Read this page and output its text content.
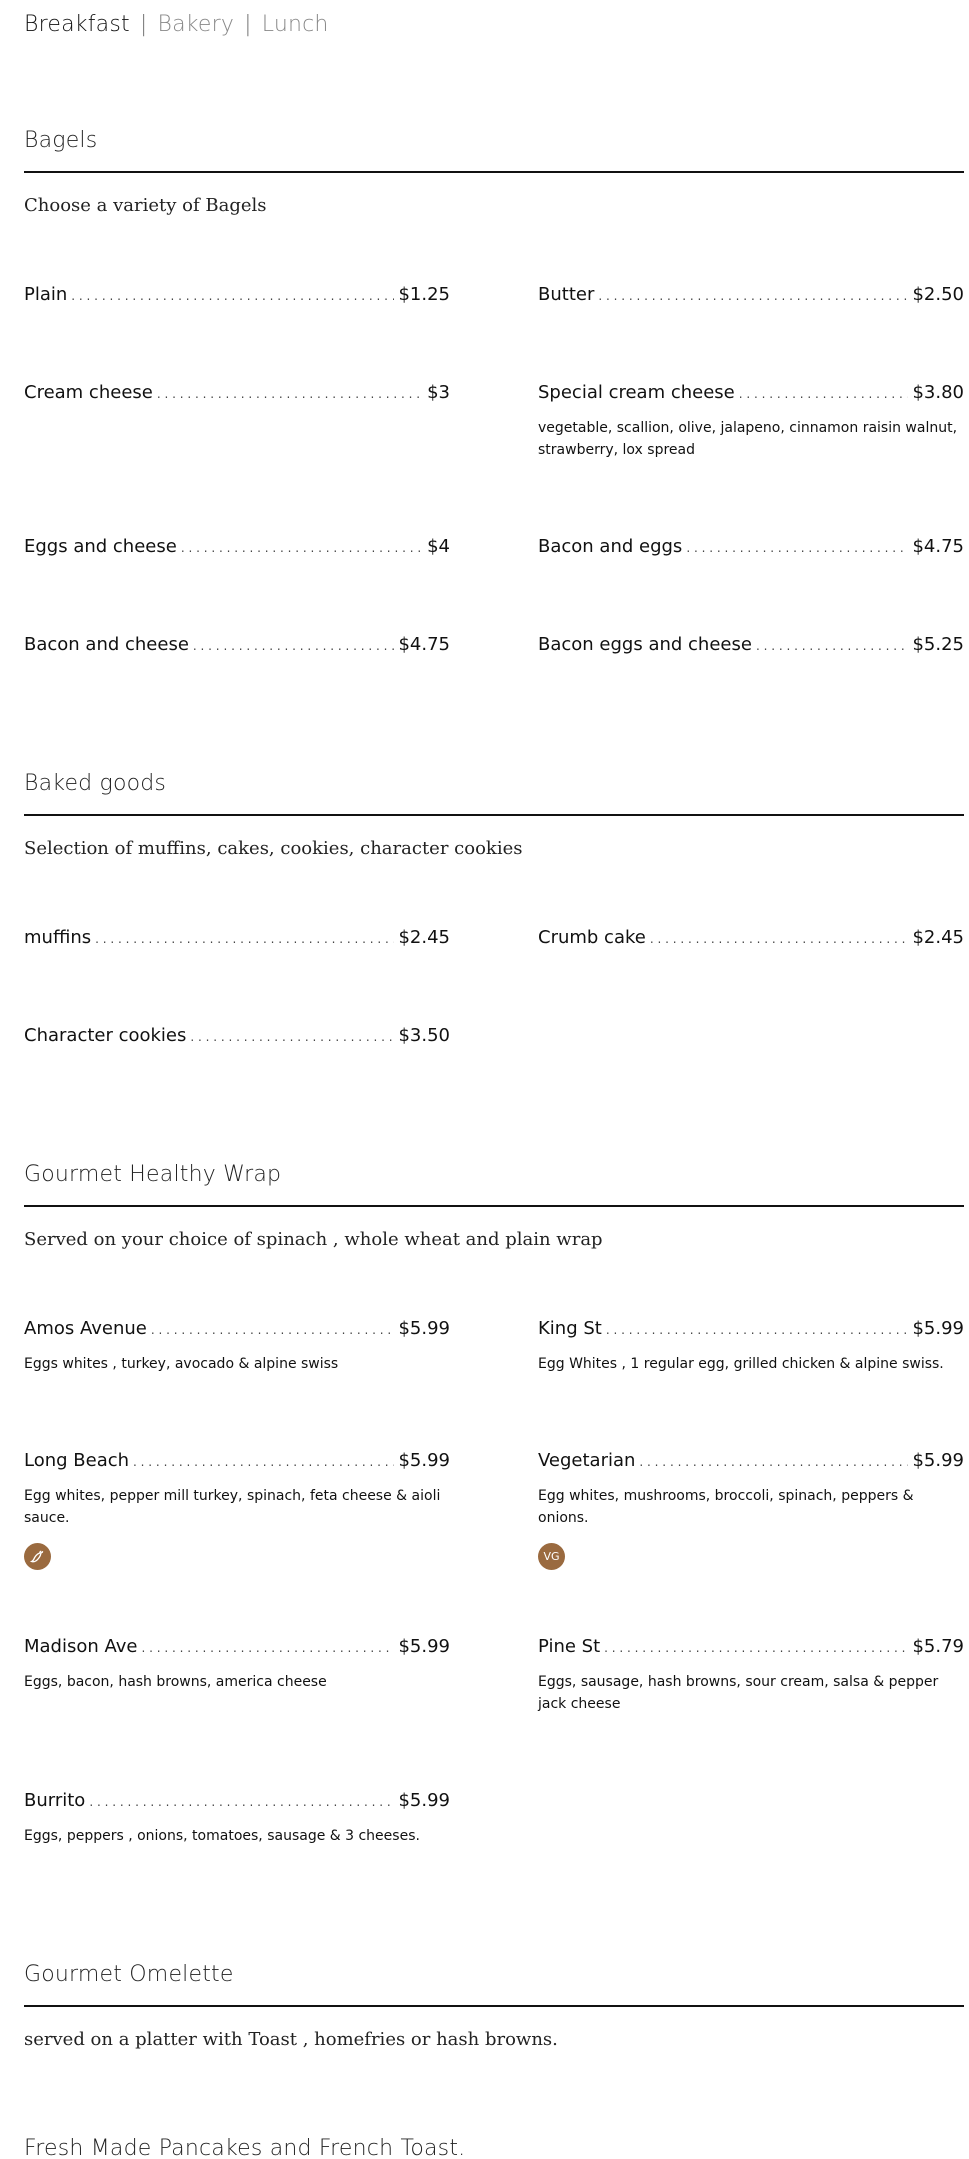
Breakfast | Bakery | Lunch
Bagels
Choose a variety of Bagels
Plain . . .	$1.25	Butter . . .	$2.50
Cream cheese . . .	$3	Special cream cheese . . .	$3.80
vegetable, scallion, olive, jalapeno, cinnamon raisin walnut, strawberry, lox spread
Eggs and cheese . . .	$4	Bacon and eggs . . .	$4.75
Bacon and cheese . . .	$4.75	Bacon eggs and cheese . . .	$5.25
Baked goods
Selection of muffins, cakes, cookies, character cookies
muffins . . .	$2.45	Crumb cake . . .	$2.45
Character cookies . . .	$3.50
Gourmet Healthy Wrap
Served on your choice of spinach , whole wheat and plain wrap
Amos Avenue . . .	$5.99
Eggs whites , turkey, avocado & alpine swiss
King St . . .	$5.99
Egg Whites , 1 regular egg, grilled chicken & alpine swiss.
Long Beach . . .	$5.99
Egg whites, pepper mill turkey, spinach, feta cheese & aioli sauce.
Vegetarian . . .	$5.99
Egg whites, mushrooms, broccoli, spinach, peppers & onions.
VG
Madison Ave . . .	$5.99
Eggs, bacon, hash browns, america cheese
Pine St . . .	$5.79
Eggs, sausage, hash browns, sour cream, salsa & pepper jack cheese
Burrito . . .	$5.99
Eggs, peppers , onions, tomatoes, sausage & 3 cheeses.
Gourmet Omelette
served on a platter with Toast , homefries or hash browns.
Fresh Made Pancakes and French Toast.
